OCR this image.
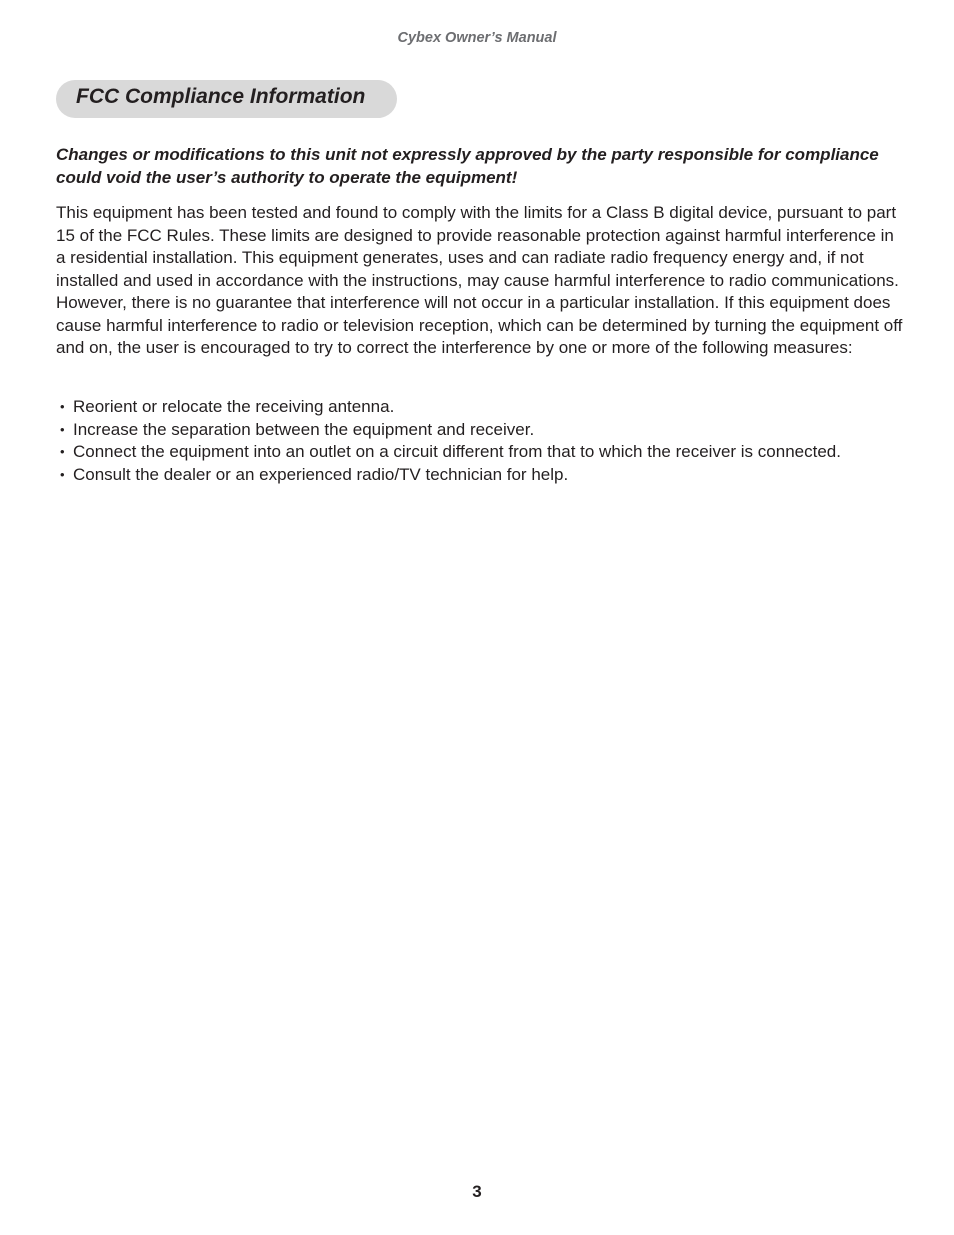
Cybex Owner’s Manual
FCC Compliance Information
Changes or modifications to this unit not expressly approved by the party responsible for compliance could void the user’s authority to operate the equipment!

This equipment has been tested and found to comply with the limits for a Class B digital device, pursuant to part 15 of the FCC Rules. These limits are designed to provide reasonable protection against harmful interference in a residential installation. This equipment generates, uses and can radiate radio frequency energy and, if not installed and used in accordance with the instructions, may cause harmful interference to radio communications. However, there is no guarantee that interference will not occur in a particular installation. If this equipment does cause harmful interference to radio or television reception, which can be determined by turning the equipment off and on, the user is encouraged to try to correct the interference by one or more of the following measures:

• Reorient or relocate the receiving antenna.
• Increase the separation between the equipment and receiver.
• Connect the equipment into an outlet on a circuit different from that to which the receiver is connected.
• Consult the dealer or an experienced radio/TV technician for help.
3
